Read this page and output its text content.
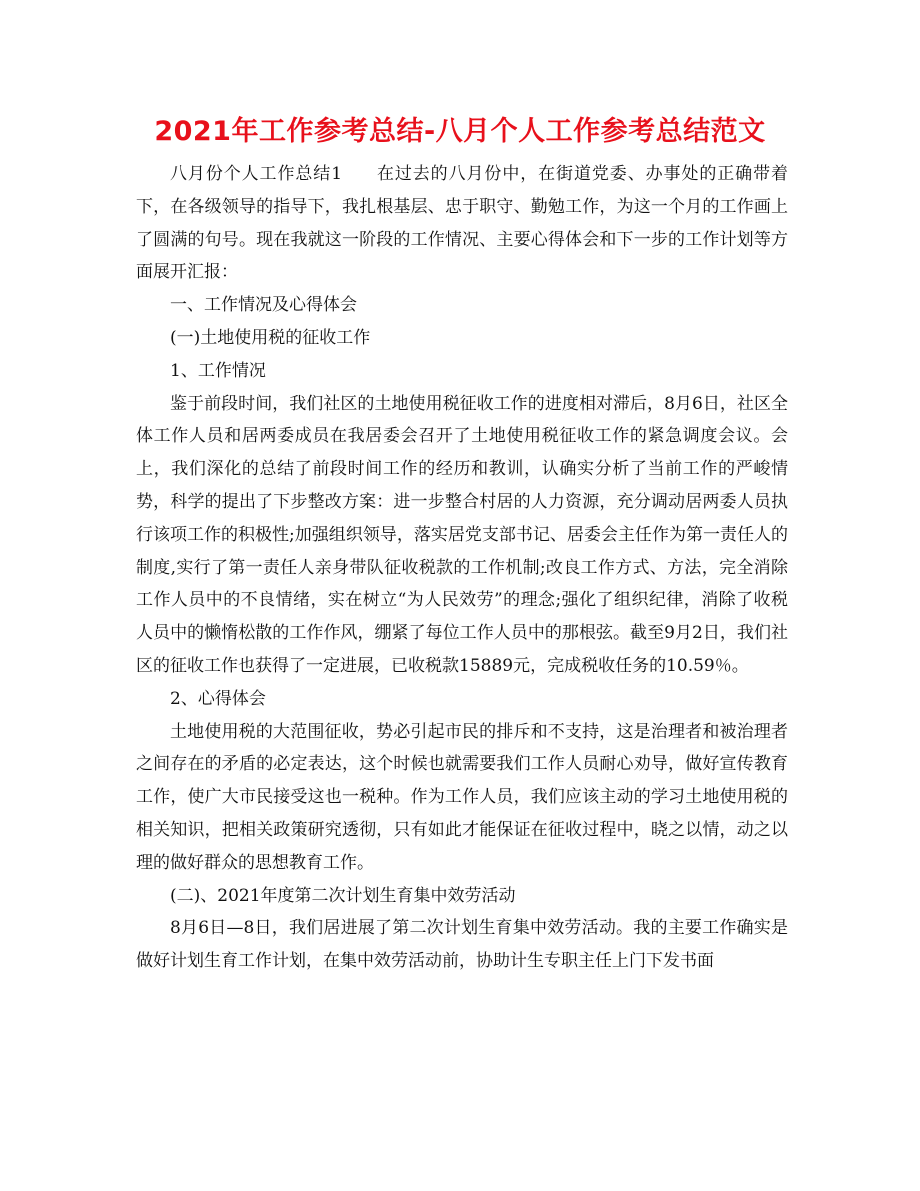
2021年工作参考总结-八月个人工作参考总结范文

八月份个人工作总结1 在过去的八月份中，在街道党委、办事处的正确带着下，在各级领导的指导下，我扎根基层、忠于职守、勤勉工作，为这一个月的工作画上了圆满的句号。现在我就这一阶段的工作情况、主要心得体会和下一步的工作计划等方面展开汇报：

一、工作情况及心得体会

(一)土地使用税的征收工作

1、工作情况

鉴于前段时间，我们社区的土地使用税征收工作的进度相对滞后，8月6日，社区全体工作人员和居两委成员在我居委会召开了土地使用税征收工作的紧急调度会议。会上，我们深化的总结了前段时间工作的经历和教训，认确实分析了当前工作的严峻情势，科学的提出了下步整改方案：进一步整合村居的人力资源，充分调动居两委人员执行该项工作的积极性;加强组织领导，落实居党支部书记、居委会主任作为第一责任人的制度,实行了第一责任人亲身带队征收税款的工作机制;改良工作方式、方法，完全消除工作人员中的不良情绪，实在树立“为人民效劳”的理念;强化了组织纪律，消除了收税人员中的懒惰松散的工作作风，绷紧了每位工作人员中的那根弦。截至9月2日，我们社区的征收工作也获得了一定进展，已收税款15889元，完成税收任务的10.59％。

2、心得体会

土地使用税的大范围征收，势必引起市民的排斥和不支持，这是治理者和被治理者之间存在的矛盾的必定表达，这个时候也就需要我们工作人员耐心劝导，做好宣传教育工作，使广大市民接受这也一税种。作为工作人员，我们应该主动的学习土地使用税的相关知识，把相关政策研究透彻，只有如此才能保证在征收过程中，晓之以情，动之以理的做好群众的思想教育工作。

(二)、2021年度第二次计划生育集中效劳活动

8月6日—8日，我们居进展了第二次计划生育集中效劳活动。我的主要工作确实是做好计划生育工作计划，在集中效劳活动前，协助计生专职主任上门下发书面
